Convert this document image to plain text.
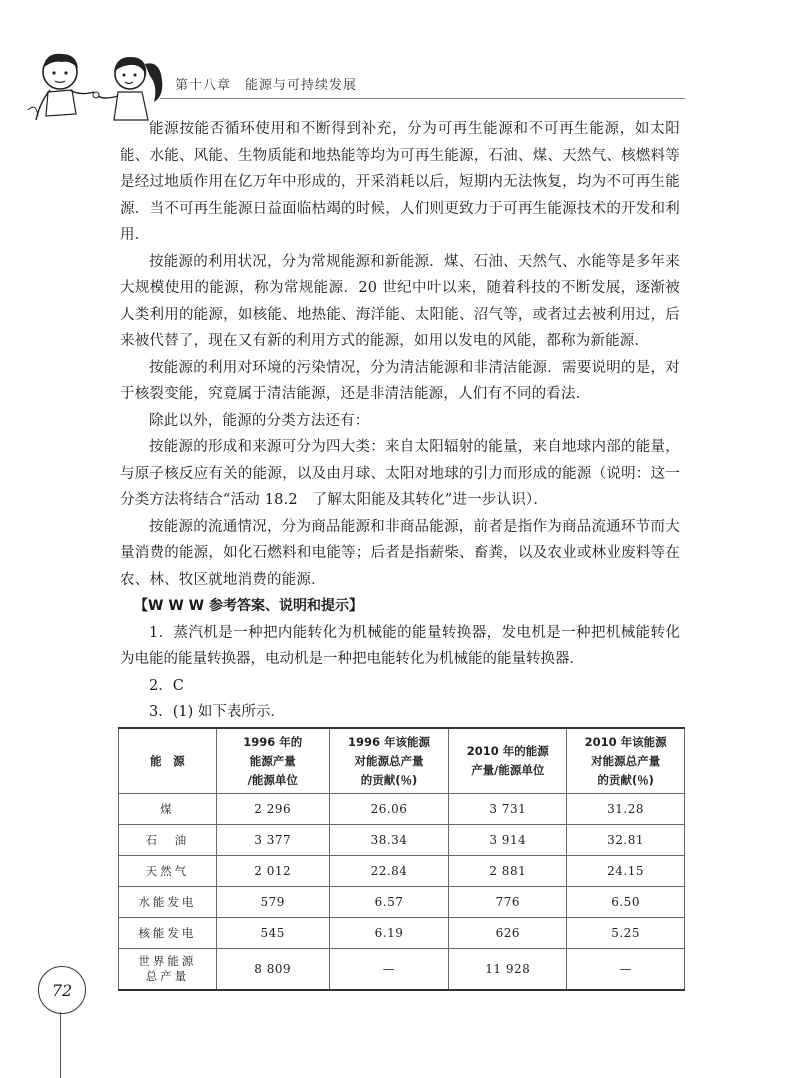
第十八章　能源与可持续发展

能源按能否循环使用和不断得到补充，分为可再生能源和不可再生能源，如太阳能、水能、风能、生物质能和地热能等均为可再生能源，石油、煤、天然气、核燃料等是经过地质作用在亿万年中形成的，开采消耗以后，短期内无法恢复，均为不可再生能源．当不可再生能源日益面临枯竭的时候，人们则更致力于可再生能源技术的开发和利用．

按能源的利用状况，分为常规能源和新能源．煤、石油、天然气、水能等是多年来大规模使用的能源，称为常规能源．20 世纪中叶以来，随着科技的不断发展，逐渐被人类利用的能源，如核能、地热能、海洋能、太阳能、沼气等，或者过去被利用过，后来被代替了，现在又有新的利用方式的能源，如用以发电的风能，都称为新能源．

按能源的利用对环境的污染情况，分为清洁能源和非清洁能源．需要说明的是，对于核裂变能，究竟属于清洁能源，还是非清洁能源，人们有不同的看法．

除此以外，能源的分类方法还有：

按能源的形成和来源可分为四大类：来自太阳辐射的能量，来自地球内部的能量，与原子核反应有关的能源，以及由月球、太阳对地球的引力而形成的能源（说明：这一分类方法将结合“活动 18.2　了解太阳能及其转化”进一步认识）．

按能源的流通情况，分为商品能源和非商品能源，前者是指作为商品流通环节而大量消费的能源，如化石燃料和电能等；后者是指薪柴、畜粪，以及农业或林业废料等在农、林、牧区就地消费的能源．

【W W W 参考答案、说明和提示】

1．蒸汽机是一种把内能转化为机械能的能量转换器，发电机是一种把机械能转化为电能的能量转换器，电动机是一种把电能转化为机械能的能量转换器．

2．C

3．(1) 如下表所示．

能　源	1996 年的
能源产量
/能源单位	1996 年该能源
对能源总产量
的贡献(％)	2010 年的能源
产量/能源单位	2010 年该能源
对能源总产量
的贡献(％)
煤	2 296	26.06	3 731	31.28
石　油	3 377	38.34	3 914	32.81
天然气	2 012	22.84	2 881	24.15
水能发电	579	6.57	776	6.50
核能发电	545	6.19	626	5.25
世界能源
总产量	8 809	—	11 928	—
72
